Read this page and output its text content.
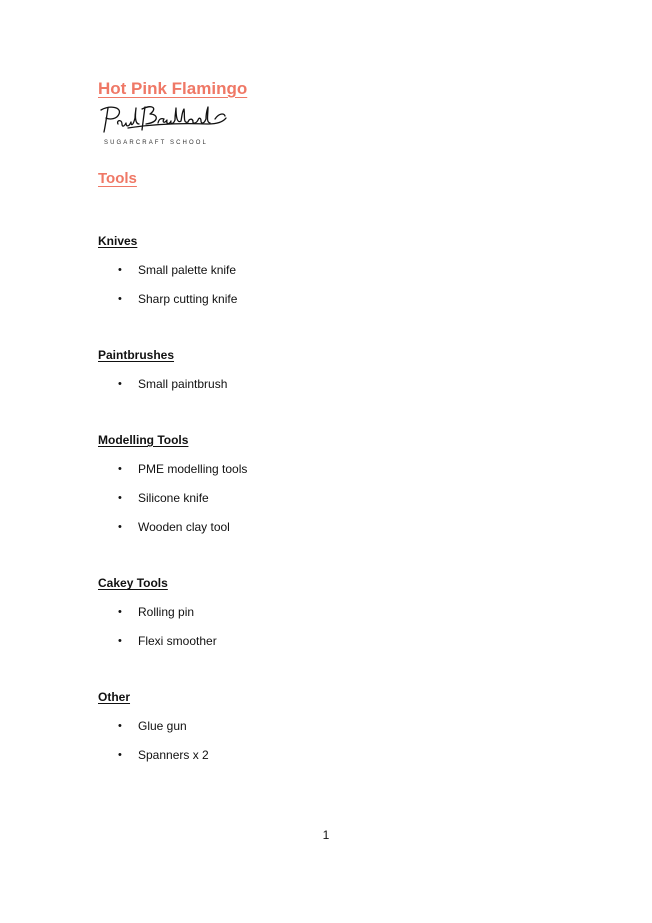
Hot Pink Flamingo
SUGARCRAFT SCHOOL
Tools
Knives
•	Small palette knife
•	Sharp cutting knife
Paintbrushes
•	Small paintbrush
Modelling Tools
•	PME modelling tools
•	Silicone knife
•	Wooden clay tool
Cakey Tools
•	Rolling pin
•	Flexi smoother
Other
•	Glue gun
•	Spanners x 2
1
